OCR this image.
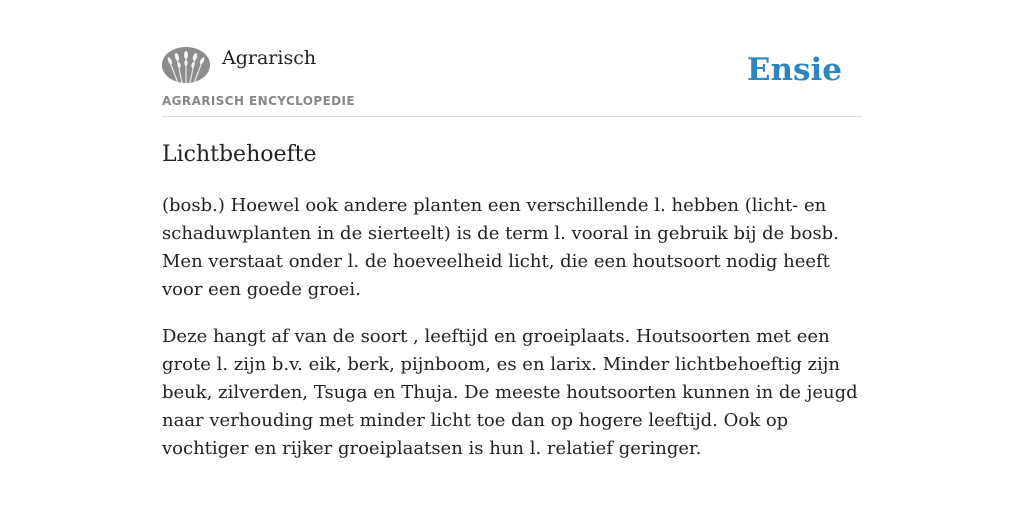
Agrarisch
AGRARISCH ENCYCLOPEDIE
Ensie
Lichtbehoefte

(bosb.) Hoewel ook andere planten een verschillende l. hebben (licht- en schaduwplanten in de sierteelt) is de term l. vooral in gebruik bij de bosb. Men verstaat onder l. de hoeveelheid licht, die een houtsoort nodig heeft voor een goede groei.

Deze hangt af van de soort , leeftijd en groeiplaats. Houtsoorten met een grote l. zijn b.v. eik, berk, pijnboom, es en larix. Minder lichtbehoeftig zijn beuk, zilverden, Tsuga en Thuja. De meeste houtsoorten kunnen in de jeugd naar verhouding met minder licht toe dan op hogere leeftijd. Ook op vochtiger en rijker groeiplaatsen is hun l. relatief geringer.
